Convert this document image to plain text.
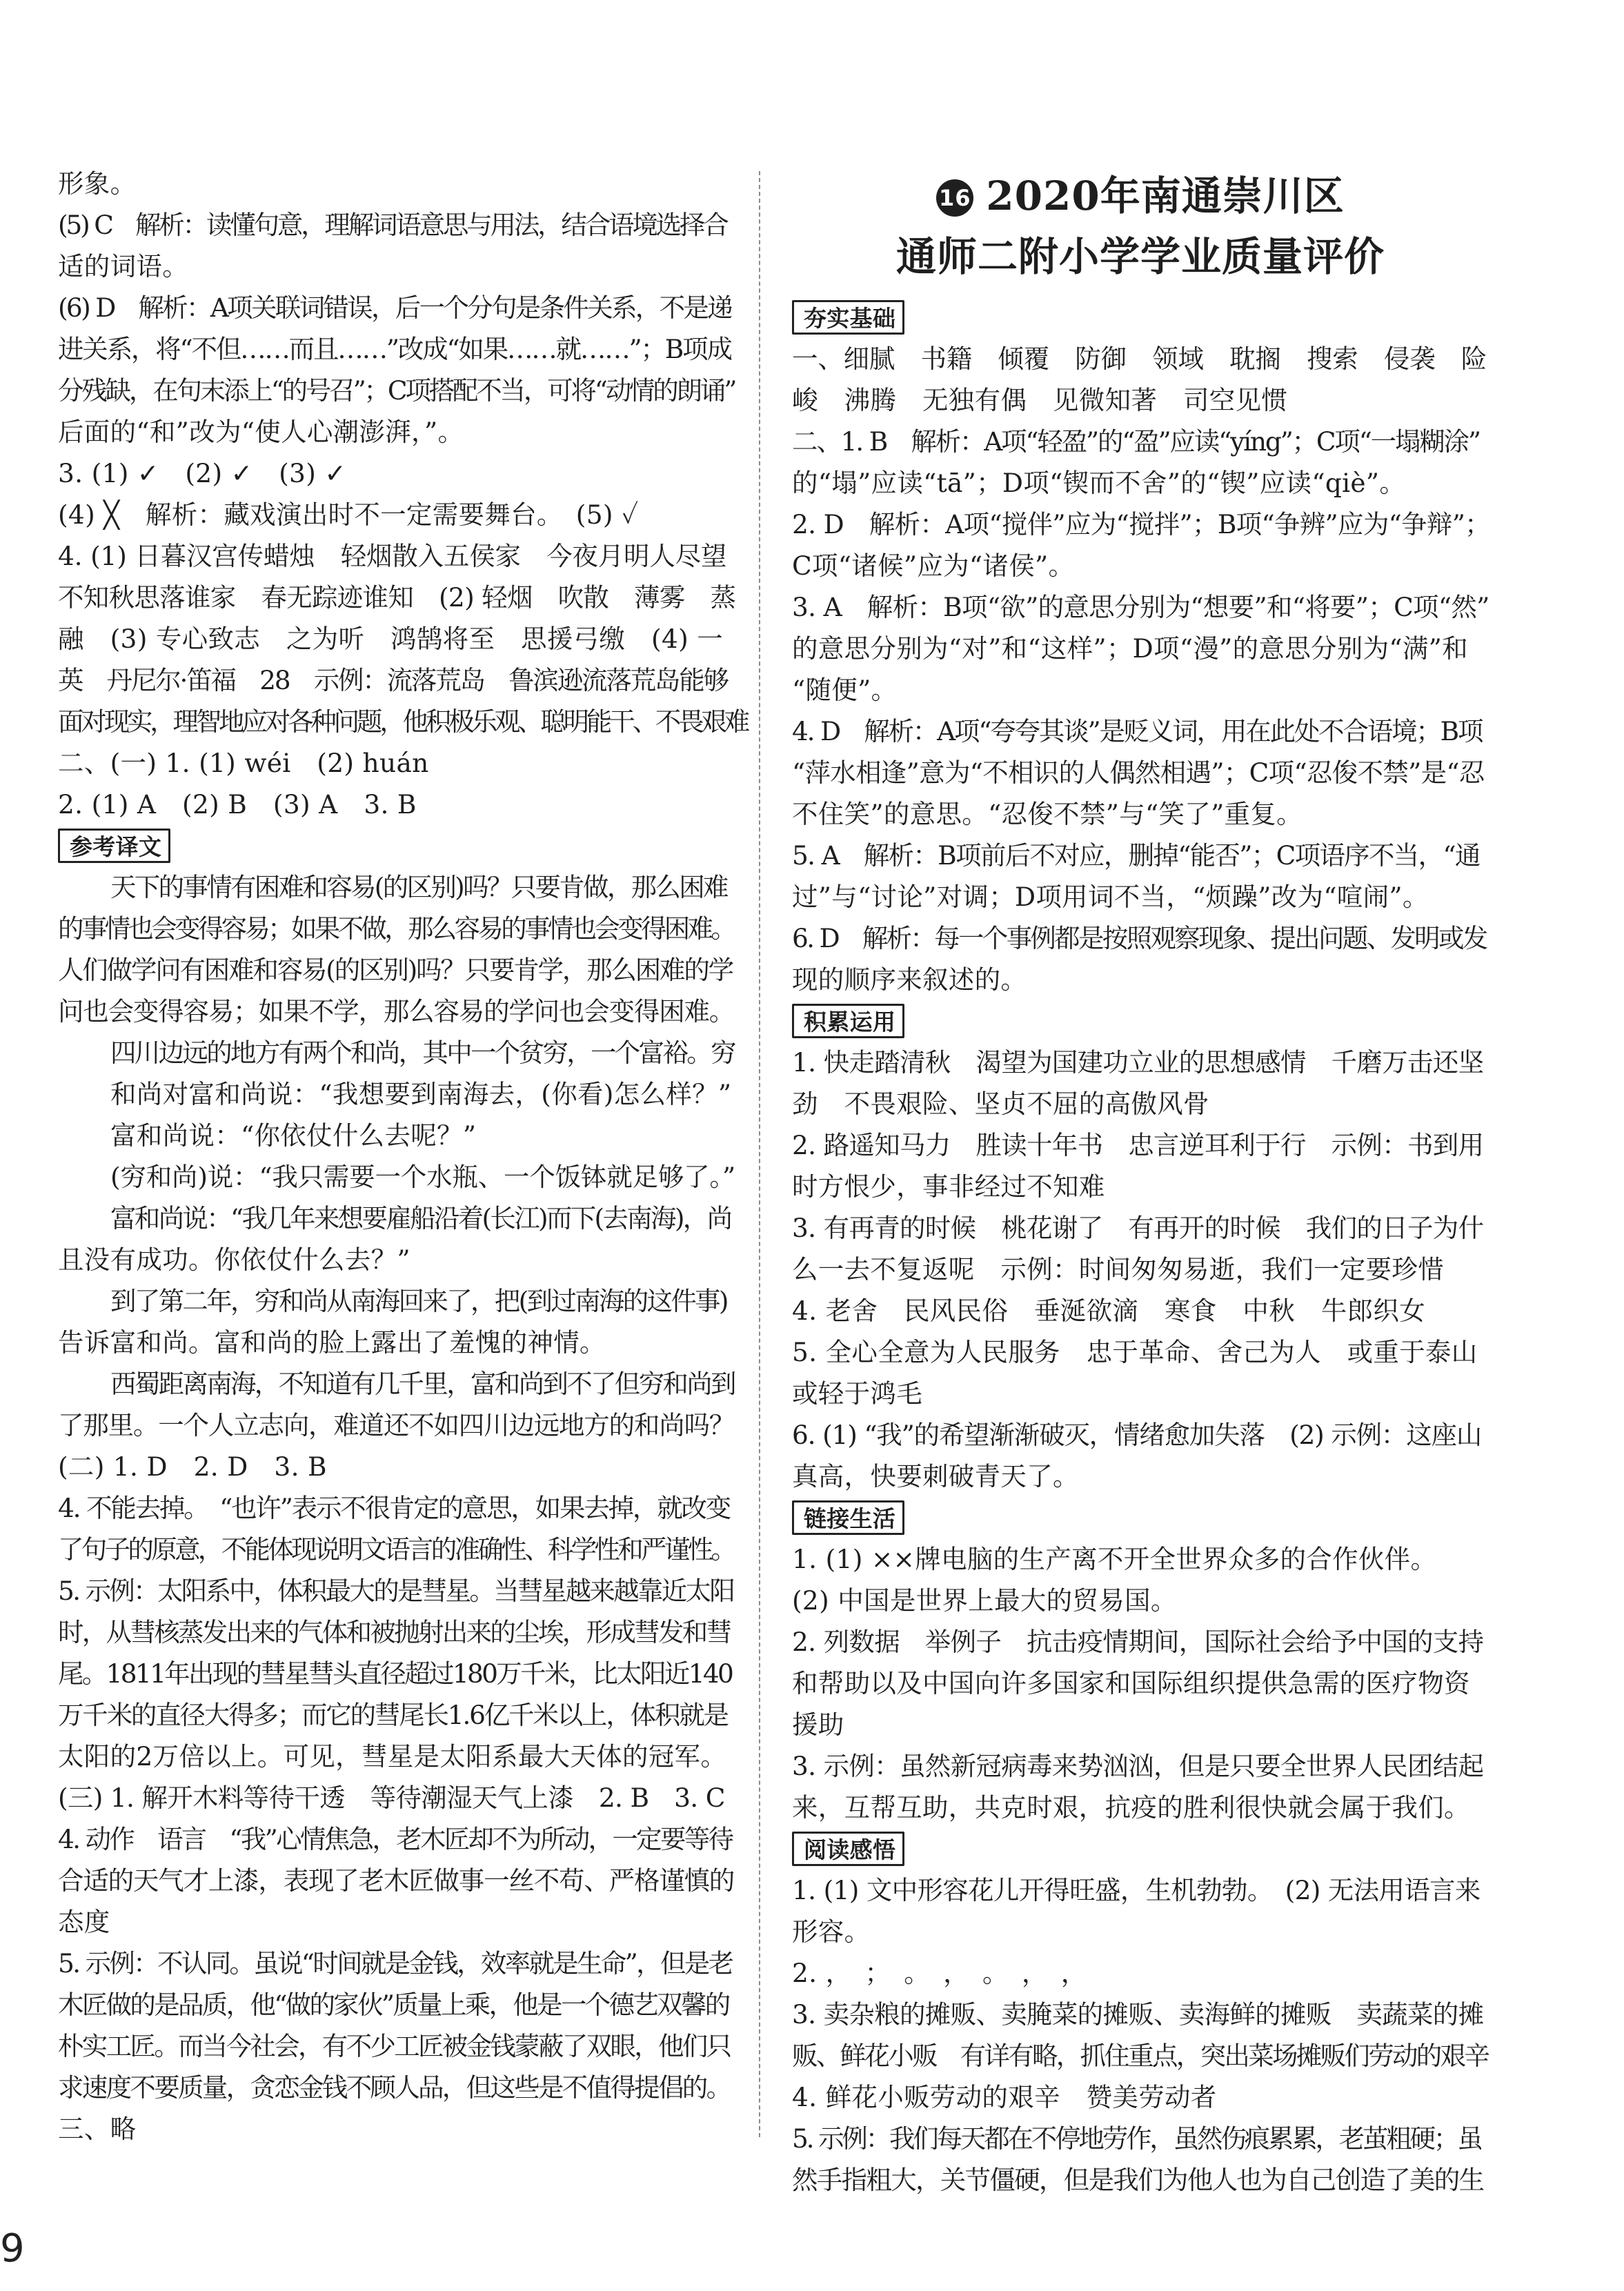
形象。
(5) C　解析：读懂句意，理解词语意思与用法，结合语境选择合
适的词语。
(6) D　解析：A项关联词错误，后一个分句是条件关系，不是递
进关系，将“不但……而且……”改成“如果……就……”；B项成
分残缺，在句末添上“的号召”；C项搭配不当，可将“动情的朗诵”
后面的“和”改为“使人心潮澎湃，”。
3. (1) ✓　(2) ✓　(3) ✓
(4) ╳　解析：藏戏演出时不一定需要舞台。　(5) ✓
4. (1) 日暮汉宫传蜡烛　轻烟散入五侯家　今夜月明人尽望
不知秋思落谁家　春无踪迹谁知　(2) 轻烟　吹散　薄雾　蒸
融　(3) 专心致志　之为听　鸿鹄将至　思援弓缴　(4) 一
英　丹尼尔·笛福　28　示例：流落荒岛　鲁滨逊流落荒岛能够
面对现实，理智地应对各种问题，他积极乐观、聪明能干、不畏艰难
二、(一) 1. (1) wéi　(2) huán
2. (1) A　(2) B　(3) A　3. B
参考译文
天下的事情有困难和容易(的区别)吗？只要肯做，那么困难
的事情也会变得容易；如果不做，那么容易的事情也会变得困难。
人们做学问有困难和容易(的区别)吗？只要肯学，那么困难的学
问也会变得容易；如果不学，那么容易的学问也会变得困难。
四川边远的地方有两个和尚，其中一个贫穷，一个富裕。穷
和尚对富和尚说：“我想要到南海去，(你看)怎么样？”
富和尚说：“你依仗什么去呢？”
(穷和尚)说：“我只需要一个水瓶、一个饭钵就足够了。”
富和尚说：“我几年来想要雇船沿着(长江)而下(去南海)，尚
且没有成功。你依仗什么去？”
到了第二年，穷和尚从南海回来了，把(到过南海的这件事)
告诉富和尚。富和尚的脸上露出了羞愧的神情。
西蜀距离南海，不知道有几千里，富和尚到不了但穷和尚到
了那里。一个人立志向，难道还不如四川边远地方的和尚吗？
(二) 1. D　2. D　3. B
4. 不能去掉。　“也许”表示不很肯定的意思，如果去掉，就改变
了句子的原意，不能体现说明文语言的准确性、科学性和严谨性。
5. 示例：太阳系中，体积最大的是彗星。当彗星越来越靠近太阳
时，从彗核蒸发出来的气体和被抛射出来的尘埃，形成彗发和彗
尾。1811年出现的彗星彗头直径超过180万千米，比太阳近140
万千米的直径大得多；而它的彗尾长1.6亿千米以上，体积就是
太阳的2万倍以上。可见，彗星是太阳系最大天体的冠军。
(三) 1. 解开木料等待干透　等待潮湿天气上漆　2. B　3. C
4. 动作　语言　“我”心情焦急，老木匠却不为所动，一定要等待
合适的天气才上漆，表现了老木匠做事一丝不苟、严格谨慎的
态度
5. 示例：不认同。虽说“时间就是金钱，效率就是生命”，但是老
木匠做的是品质，他“做的家伙”质量上乘，他是一个德艺双馨的
朴实工匠。而当今社会，有不少工匠被金钱蒙蔽了双眼，他们只
求速度不要质量，贪恋金钱不顾人品，但这些是不值得提倡的。
三、略
16 2020年南通崇川区
通师二附小学学业质量评价
夯实基础
一、细腻　书籍　倾覆　防御　领域　耽搁　搜索　侵袭　险
峻　沸腾　无独有偶　见微知著　司空见惯
二、1. B　解析：A项“轻盈”的“盈”应读“yíng”；C项“一塌糊涂”
的“塌”应读“tā”；D项“锲而不舍”的“锲”应读“qiè”。
2. D　解析：A项“搅伴”应为“搅拌”；B项“争辨”应为“争辩”；
C项“诸候”应为“诸侯”。
3. A　解析：B项“欲”的意思分别为“想要”和“将要”；C项“然”
的意思分别为“对”和“这样”；D项“漫”的意思分别为“满”和
“随便”。
4. D　解析：A项“夸夸其谈”是贬义词，用在此处不合语境；B项
“萍水相逢”意为“不相识的人偶然相遇”；C项“忍俊不禁”是“忍
不住笑”的意思。“忍俊不禁”与“笑了”重复。
5. A　解析：B项前后不对应，删掉“能否”；C项语序不当，“通
过”与“讨论”对调；D项用词不当，“烦躁”改为“喧闹”。
6. D　解析：每一个事例都是按照观察现象、提出问题、发明或发
现的顺序来叙述的。
积累运用
1. 快走踏清秋　渴望为国建功立业的思想感情　千磨万击还坚
劲　不畏艰险、坚贞不屈的高傲风骨
2. 路遥知马力　胜读十年书　忠言逆耳利于行　示例：书到用
时方恨少，事非经过不知难
3. 有再青的时候　桃花谢了　有再开的时候　我们的日子为什
么一去不复返呢　示例：时间匆匆易逝，我们一定要珍惜
4. 老舍　民风民俗　垂涎欲滴　寒食　中秋　牛郎织女
5. 全心全意为人民服务　忠于革命、舍己为人　或重于泰山
或轻于鸿毛
6. (1) “我”的希望渐渐破灭，情绪愈加失落　(2) 示例：这座山
真高，快要刺破青天了。
链接生活
1. (1) ××牌电脑的生产离不开全世界众多的合作伙伴。
(2) 中国是世界上最大的贸易国。
2. 列数据　举例子　抗击疫情期间，国际社会给予中国的支持
和帮助以及中国向许多国家和国际组织提供急需的医疗物资
援助
3. 示例：虽然新冠病毒来势汹汹，但是只要全世界人民团结起
来，互帮互助，共克时艰，抗疫的胜利很快就会属于我们。
阅读感悟
1. (1) 文中形容花儿开得旺盛，生机勃勃。　(2) 无法用语言来
形容。
2. ，　；　。　，　。　，　，
3. 卖杂粮的摊贩、卖腌菜的摊贩、卖海鲜的摊贩　卖蔬菜的摊
贩、鲜花小贩　有详有略，抓住重点，突出菜场摊贩们劳动的艰辛
4. 鲜花小贩劳动的艰辛　赞美劳动者
5. 示例：我们每天都在不停地劳作，虽然伤痕累累，老茧粗硬；虽
然手指粗大，关节僵硬，但是我们为他人也为自己创造了美的生
9
